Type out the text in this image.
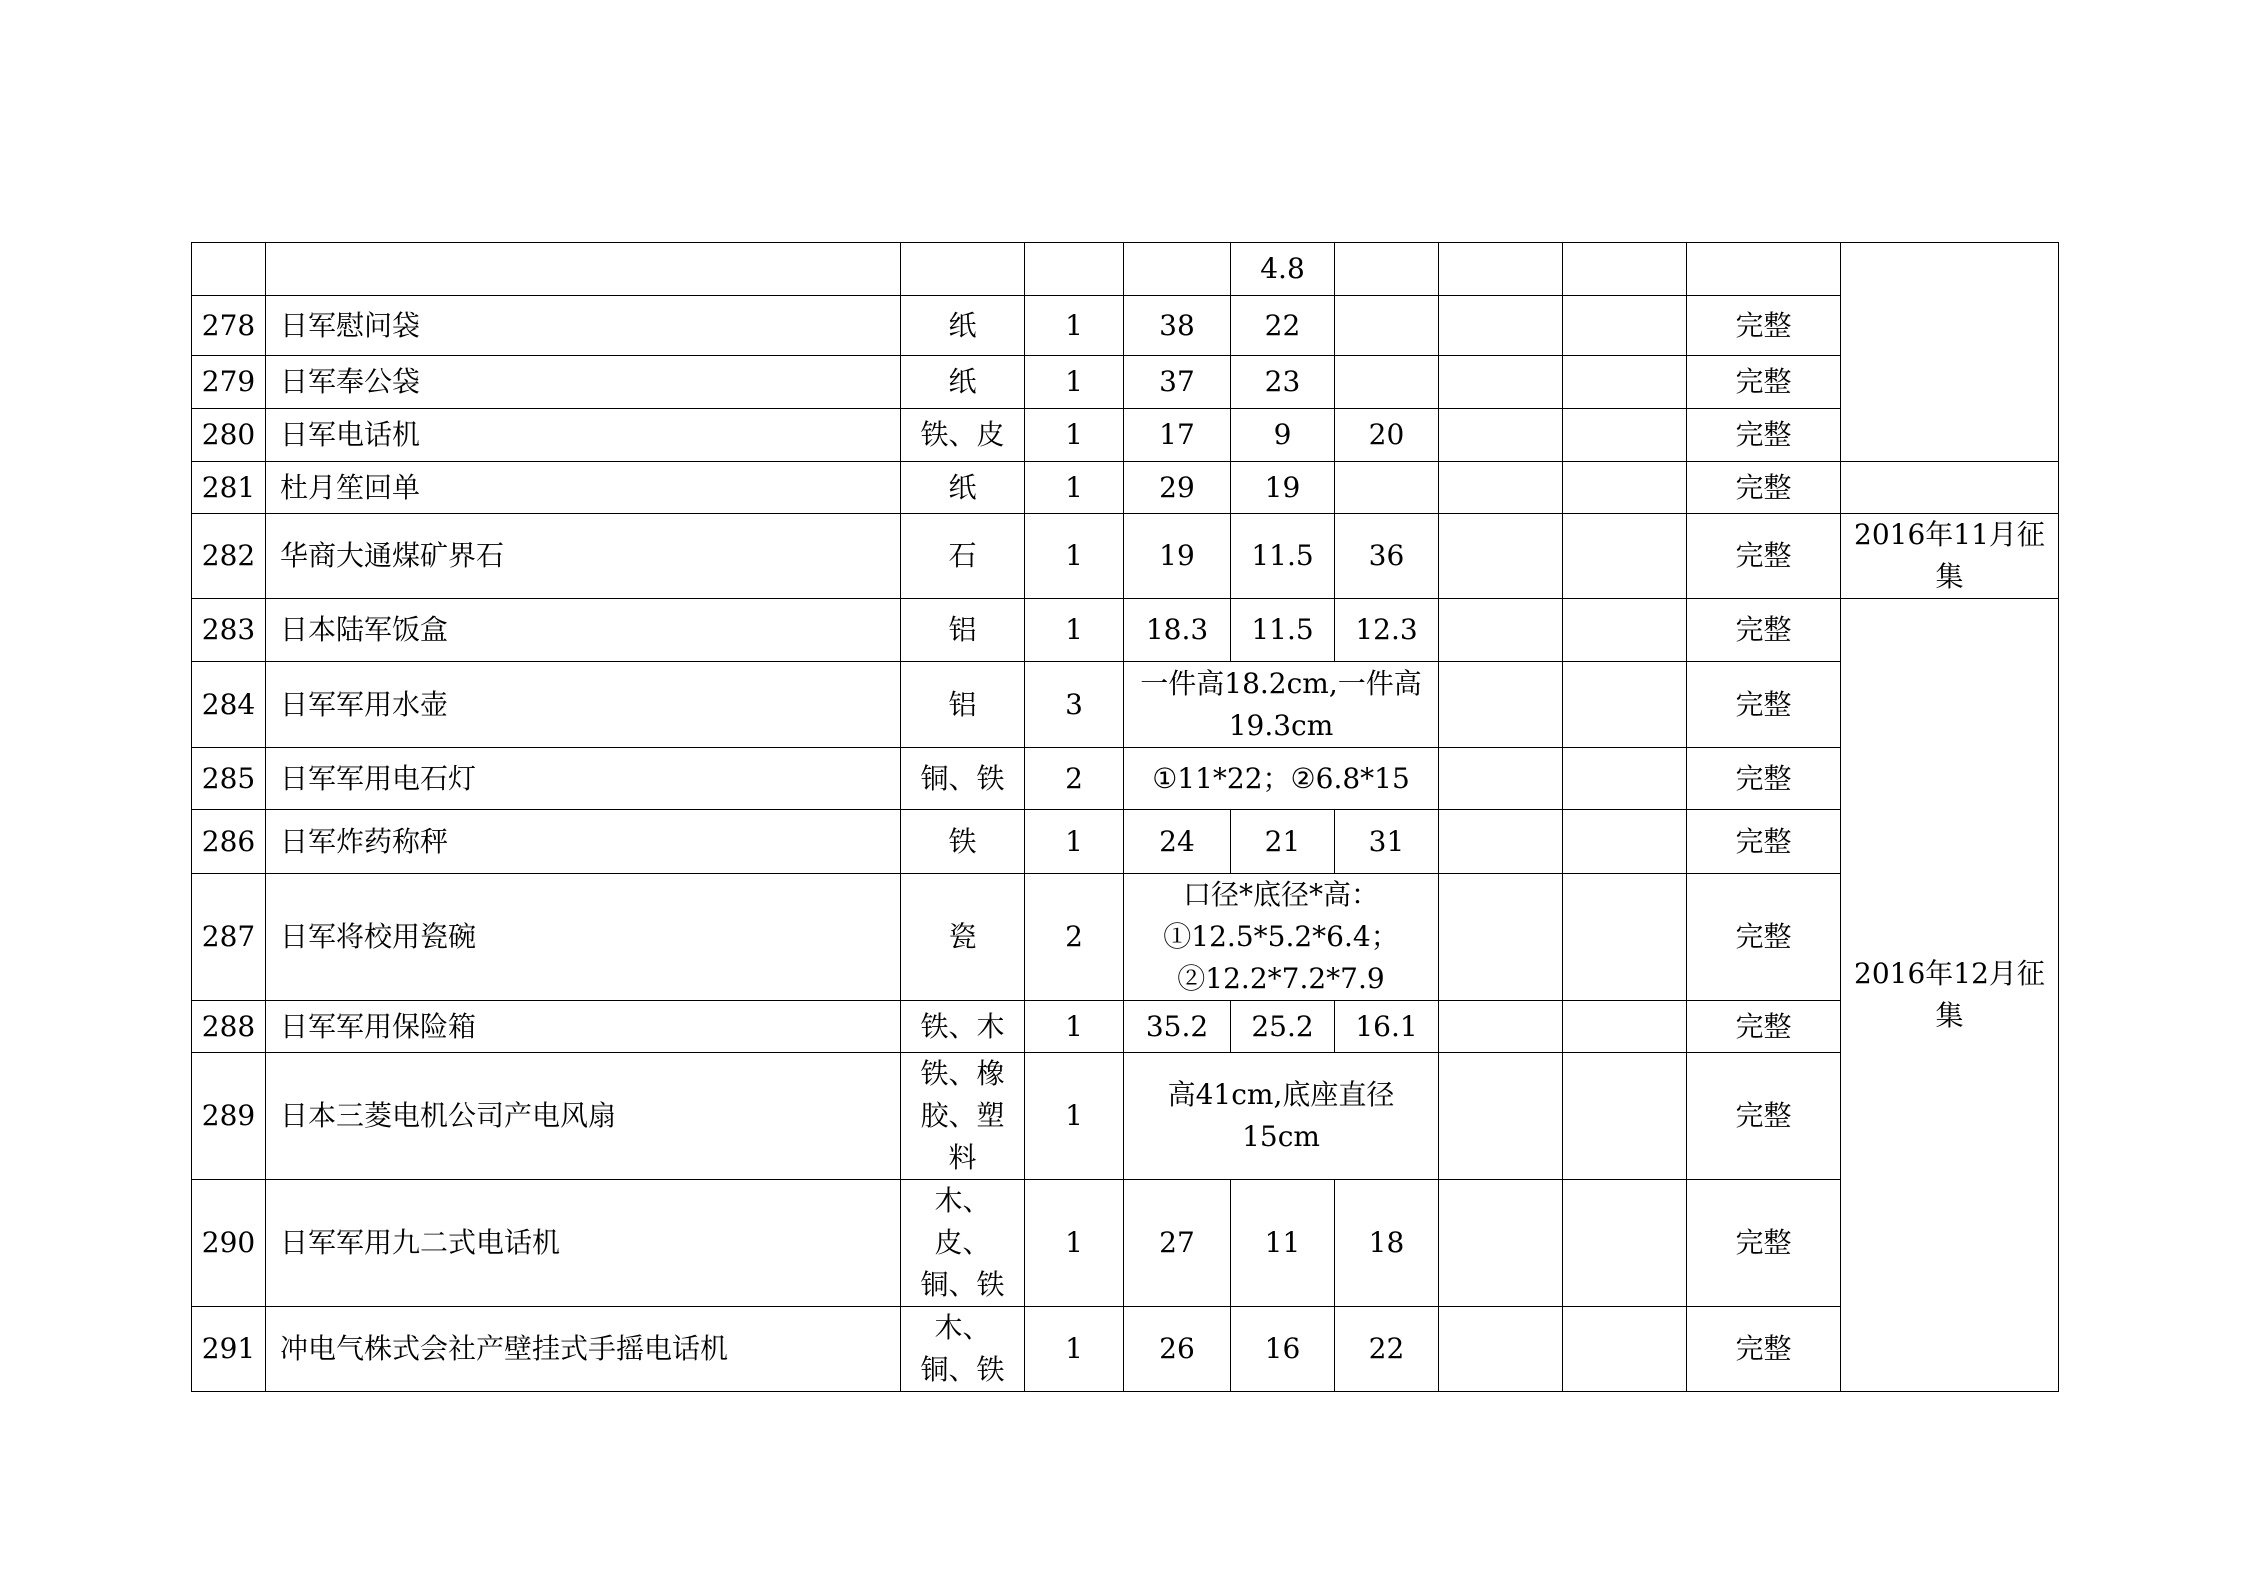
					4.8					
278	日军慰问袋	纸	1	38	22				完整	
279	日军奉公袋	纸	1	37	23				完整	
280	日军电话机	铁、皮	1	17	9	20			完整	
281	杜月笙回单	纸	1	29	19				完整	
282	华商大通煤矿界石	石	1	19	11.5	36			完整	2016年11月征集
283	日本陆军饭盒	铝	1	18.3	11.5	12.3			完整	2016年12月征集
284	日军军用水壶	铝	3	一件高18.2cm,一件高19.3cm					完整	
285	日军军用电石灯	铜、铁	2	①11*22；②6.8*15					完整	
286	日军炸药称秤	铁	1	24	21	31			完整	
287	日军将校用瓷碗	瓷	2	口径*底径*高：①12.5*5.2*6.4；②12.2*7.2*7.9					完整	
288	日军军用保险箱	铁、木	1	35.2	25.2	16.1			完整	
289	日本三菱电机公司产电风扇	铁、橡胶、塑料	1	高41cm,底座直径15cm					完整	
290	日军军用九二式电话机	木、皮、铜、铁	1	27	11	18			完整	
291	冲电气株式会社产壁挂式手摇电话机	木、铜、铁	1	26	16	22			完整	
